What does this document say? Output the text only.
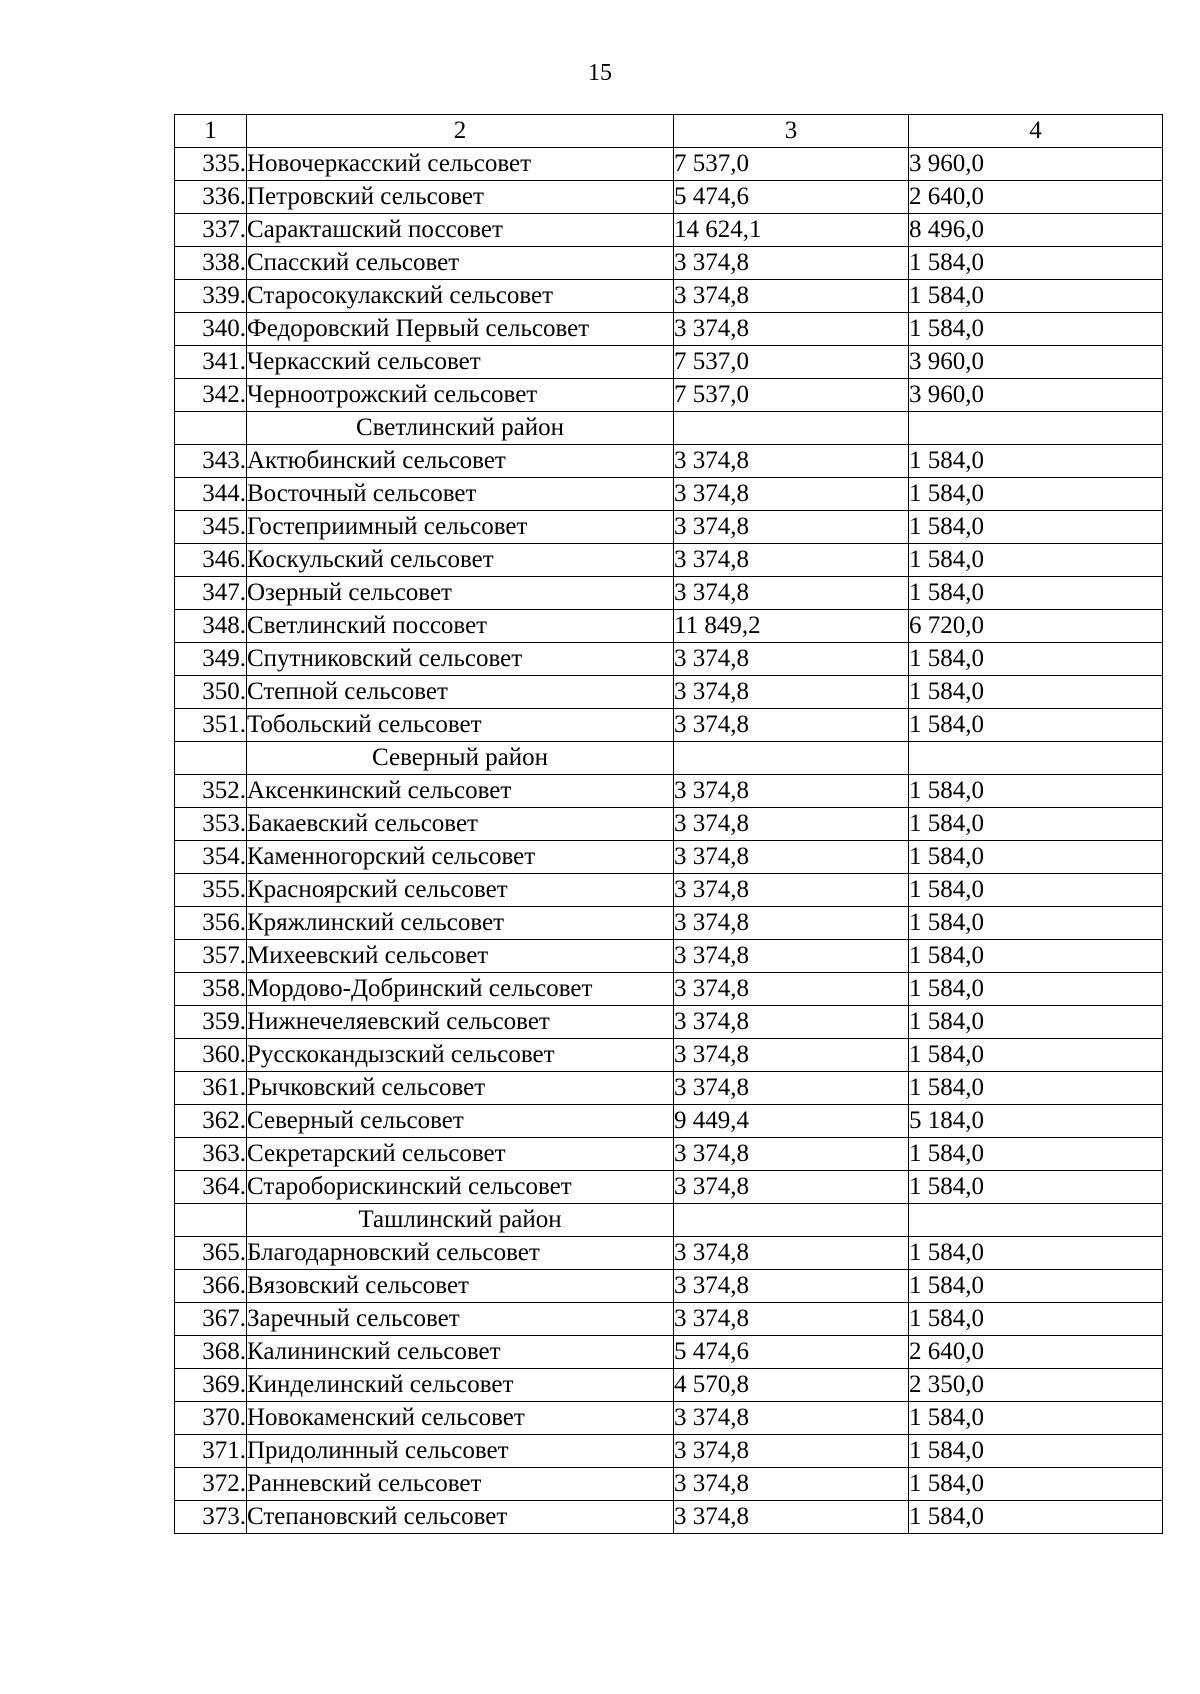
15
1	2	3	4
335.	Новочеркасский сельсовет	7 537,0	3 960,0
336.	Петровский сельсовет	5 474,6	2 640,0
337.	Саракташский поссовет	14 624,1	8 496,0
338.	Спасский сельсовет	3 374,8	1 584,0
339.	Старосокулакский сельсовет	3 374,8	1 584,0
340.	Федоровский Первый сельсовет	3 374,8	1 584,0
341.	Черкасский сельсовет	7 537,0	3 960,0
342.	Черноотрожский сельсовет	7 537,0	3 960,0
	Светлинский район		
343.	Актюбинский сельсовет	3 374,8	1 584,0
344.	Восточный сельсовет	3 374,8	1 584,0
345.	Гостеприимный сельсовет	3 374,8	1 584,0
346.	Коскульский сельсовет	3 374,8	1 584,0
347.	Озерный сельсовет	3 374,8	1 584,0
348.	Светлинский поссовет	11 849,2	6 720,0
349.	Спутниковский сельсовет	3 374,8	1 584,0
350.	Степной сельсовет	3 374,8	1 584,0
351.	Тобольский сельсовет	3 374,8	1 584,0
	Северный район		
352.	Аксенкинский сельсовет	3 374,8	1 584,0
353.	Бакаевский сельсовет	3 374,8	1 584,0
354.	Каменногорский сельсовет	3 374,8	1 584,0
355.	Красноярский сельсовет	3 374,8	1 584,0
356.	Кряжлинский сельсовет	3 374,8	1 584,0
357.	Михеевский сельсовет	3 374,8	1 584,0
358.	Мордово-Добринский сельсовет	3 374,8	1 584,0
359.	Нижнечеляевский сельсовет	3 374,8	1 584,0
360.	Русскокандызский сельсовет	3 374,8	1 584,0
361.	Рычковский сельсовет	3 374,8	1 584,0
362.	Северный сельсовет	9 449,4	5 184,0
363.	Секретарский сельсовет	3 374,8	1 584,0
364.	Староборискинский сельсовет	3 374,8	1 584,0
	Ташлинский район		
365.	Благодарновский сельсовет	3 374,8	1 584,0
366.	Вязовский сельсовет	3 374,8	1 584,0
367.	Заречный сельсовет	3 374,8	1 584,0
368.	Калининский сельсовет	5 474,6	2 640,0
369.	Кинделинский сельсовет	4 570,8	2 350,0
370.	Новокаменский сельсовет	3 374,8	1 584,0
371.	Придолинный сельсовет	3 374,8	1 584,0
372.	Ранневский сельсовет	3 374,8	1 584,0
373.	Степановский сельсовет	3 374,8	1 584,0
